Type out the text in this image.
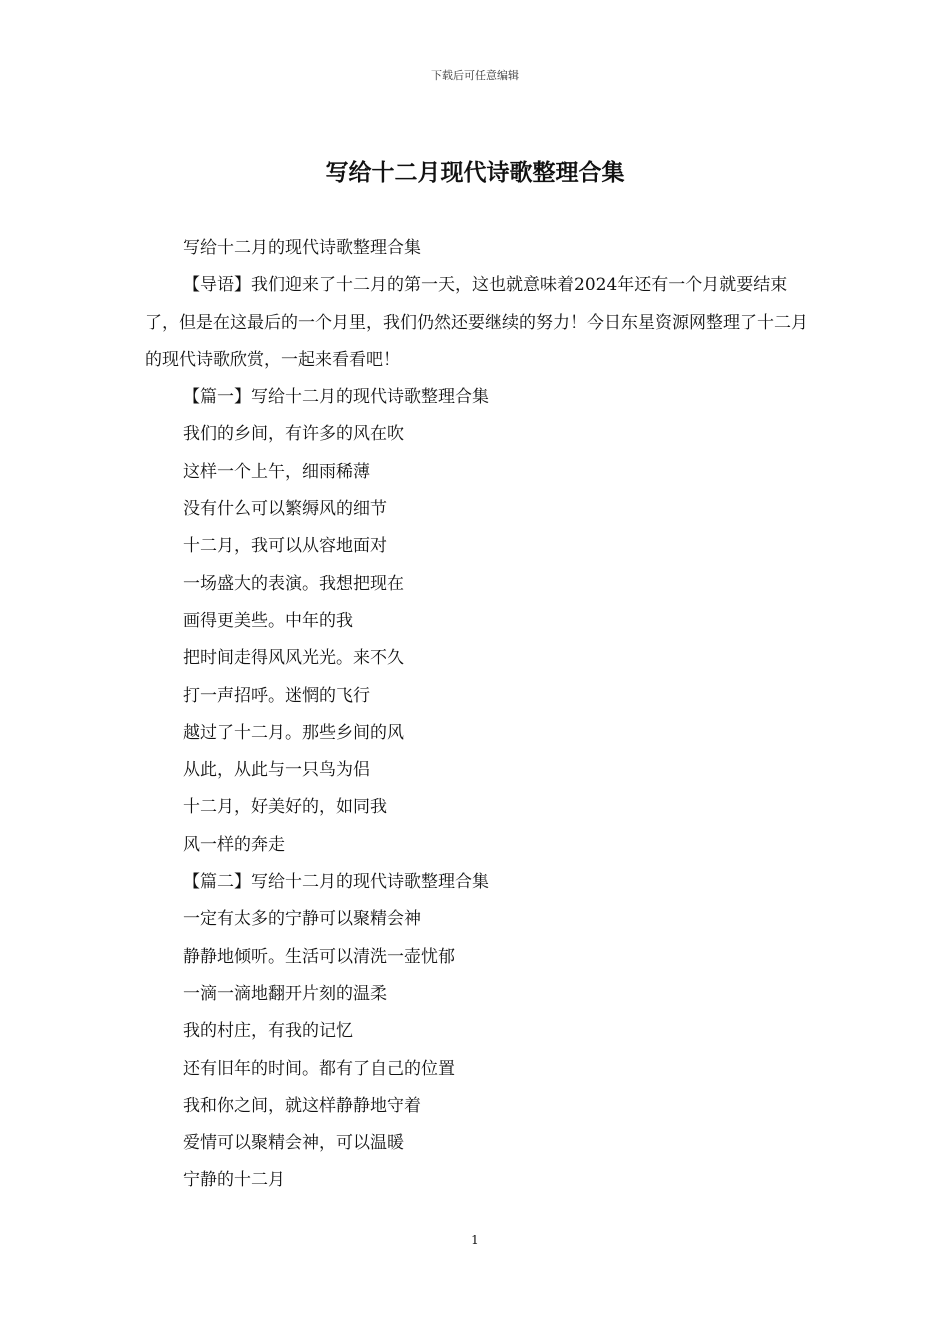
下载后可任意编辑
写给十二月现代诗歌整理合集

写给十二月的现代诗歌整理合集

【导语】我们迎来了十二月的第一天，这也就意味着2024年还有一个月就要结束了，但是在这最后的一个月里，我们仍然还要继续的努力！今日东星资源网整理了十二月的现代诗歌欣赏，一起来看看吧！

【篇一】写给十二月的现代诗歌整理合集

我们的乡间，有许多的风在吹

这样一个上午，细雨稀薄

没有什么可以繁缛风的细节

十二月，我可以从容地面对

一场盛大的表演。我想把现在

画得更美些。中年的我

把时间走得风风光光。来不久

打一声招呼。迷惘的飞行

越过了十二月。那些乡间的风

从此，从此与一只鸟为侣

十二月，好美好的，如同我

风一样的奔走

【篇二】写给十二月的现代诗歌整理合集

一定有太多的宁静可以聚精会神

静静地倾听。生活可以清洗一壶忧郁

一滴一滴地翻开片刻的温柔

我的村庄，有我的记忆

还有旧年的时间。都有了自己的位置

我和你之间，就这样静静地守着

爱情可以聚精会神，可以温暖

宁静的十二月

1
